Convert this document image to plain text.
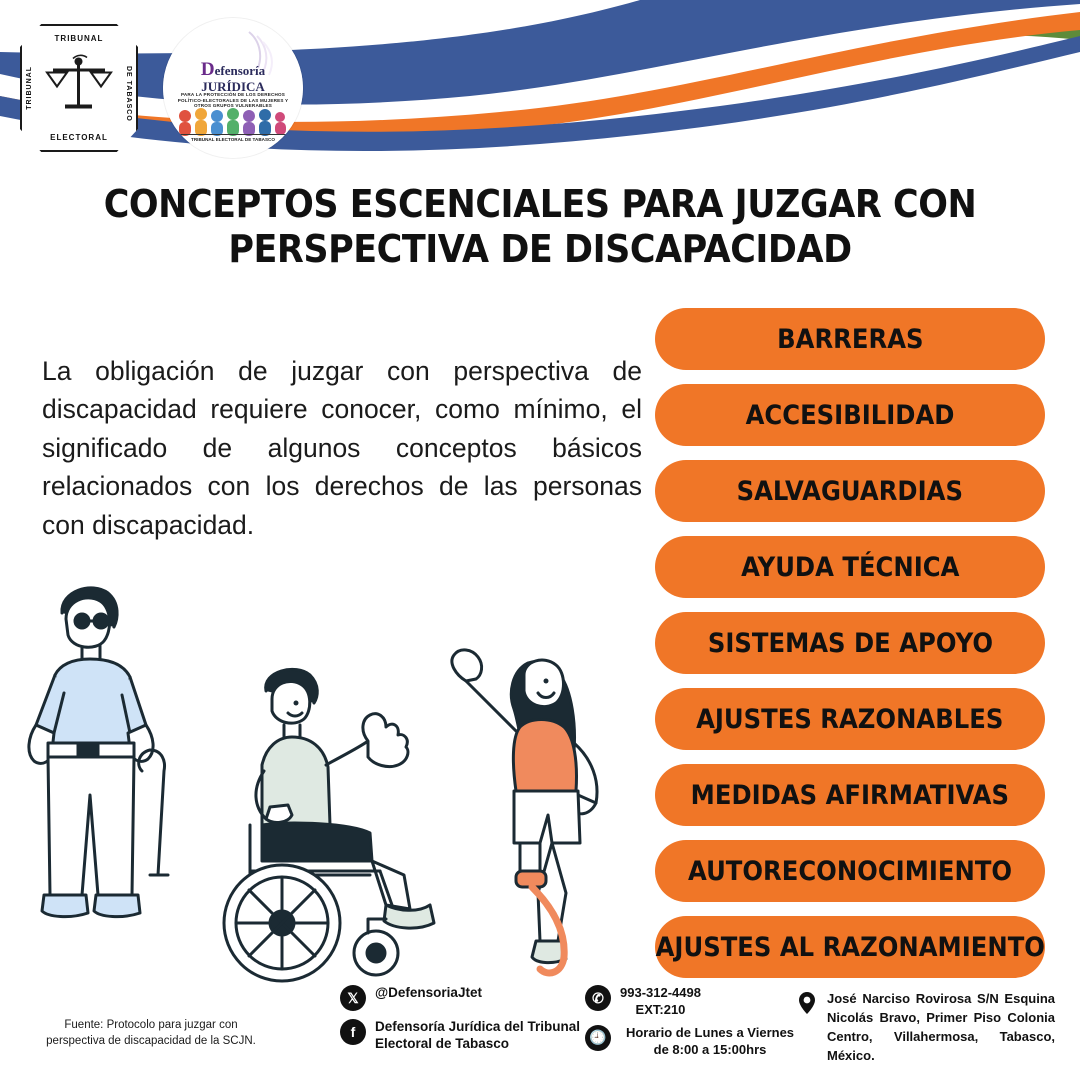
TRIBUNAL
TRIBUNAL	DE TABASCO
ELECTORAL
Defensoría
JURÍDICA
PARA LA PROTECCIÓN DE LOS DERECHOS POLÍTICO-ELECTORALES DE LAS MUJERES Y OTROS GRUPOS VULNERABLES
TRIBUNAL ELECTORAL DE TABASCO
CONCEPTOS ESCENCIALES PARA JUZGAR CON PERSPECTIVA DE DISCAPACIDAD
La obligación de juzgar con perspectiva de discapacidad requiere conocer, como mínimo, el significado de algunos conceptos básicos relacionados con los derechos de las personas con discapacidad.
BARRERAS
ACCESIBILIDAD
SALVAGUARDIAS
AYUDA TÉCNICA
SISTEMAS DE APOYO
AJUSTES RAZONABLES
MEDIDAS AFIRMATIVAS
AUTORECONOCIMIENTO
AJUSTES AL RAZONAMIENTO
Fuente: Protocolo para juzgar con perspectiva de discapacidad de la SCJN.
𝕏	@DefensoriaJtet
f	Defensoría Jurídica del Tribunal Electoral de Tabasco
✆	993-312-4498
EXT:210
🕘	Horario de Lunes a Viernes de 8:00 a 15:00hrs
José Narciso Rovirosa S/N Esquina Nicolás Bravo, Primer Piso Colonia Centro, Villahermosa, Tabasco, México.
